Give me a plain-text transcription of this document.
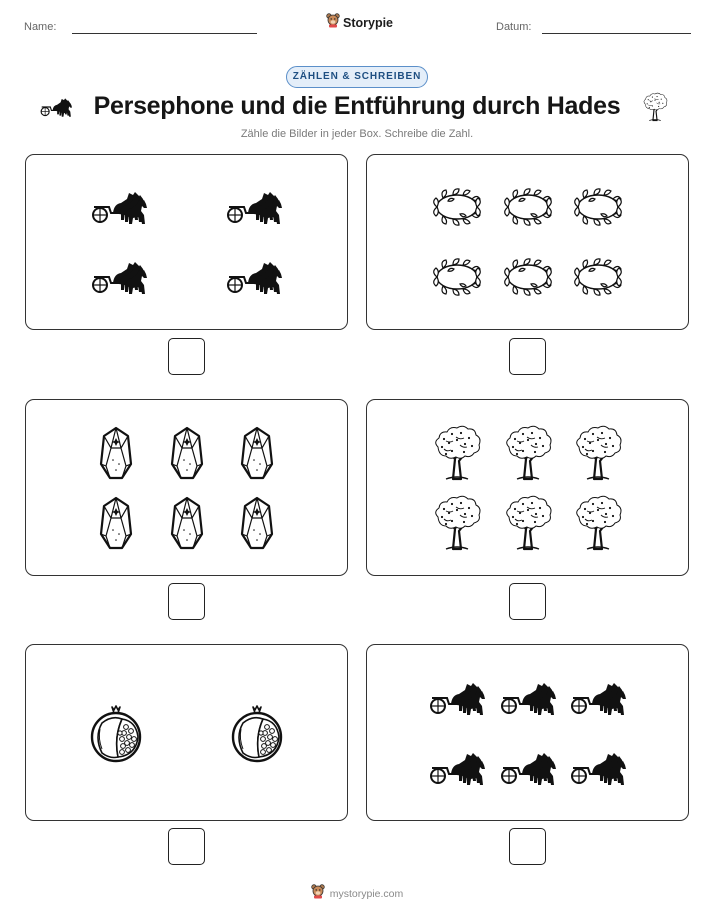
Name:	Storypie	Datum:
ZÄHLEN & SCHREIBEN
Persephone und die Entführung durch Hades
Zähle die Bilder in jeder Box. Schreibe die Zahl.
mystorypie.com
